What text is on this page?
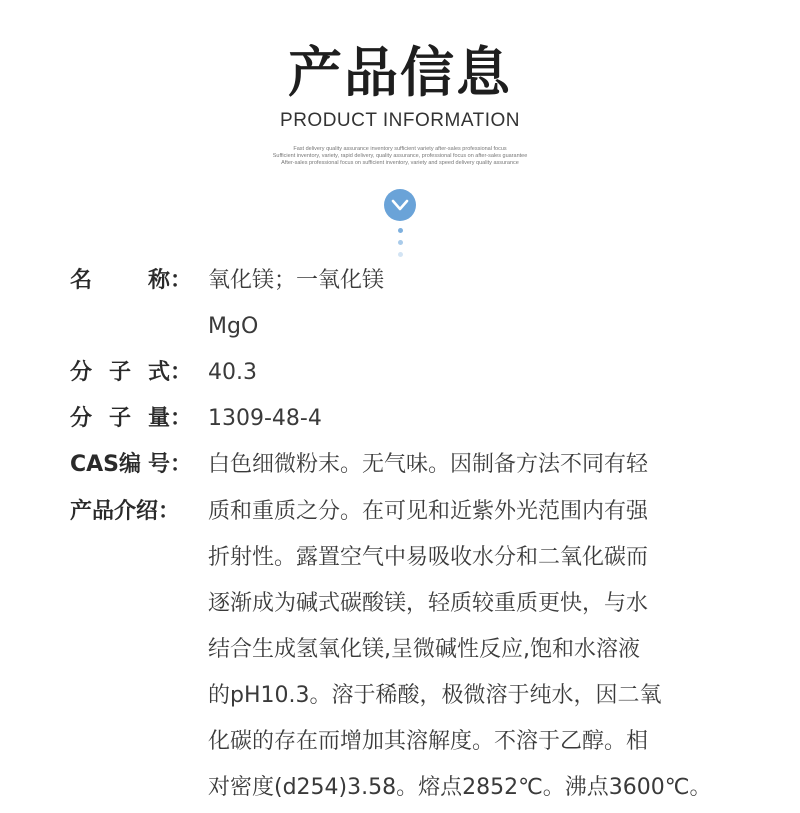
产品信息
PRODUCT INFORMATION
Fast delivery quality assurance inventory sufficient variety after-sales professional focus
Sufficient inventory, variety, rapid delivery, quality assurance, professional focus on after-sales guarantee
After-sales professional focus on sufficient inventory, variety and speed delivery quality assurance
名	称 ： 氧化镁；一氧化镁
MgO
分 子 式 ： 40.3
分 子 量 ： 1309-48-4
CAS编 号 ： 白色细微粉末。无气味。因制备方法不同有轻
产品介绍：	质和重质之分。在可见和近紫外光范围内有强
折射性。露置空气中易吸收水分和二氧化碳而
逐渐成为碱式碳酸镁，轻质较重质更快，与水
结合生成氢氧化镁,呈微碱性反应,饱和水溶液
的pH10.3。溶于稀酸，极微溶于纯水，因二氧
化碳的存在而增加其溶解度。不溶于乙醇。相
对密度(d254)3.58。熔点2852℃。沸点3600℃。
